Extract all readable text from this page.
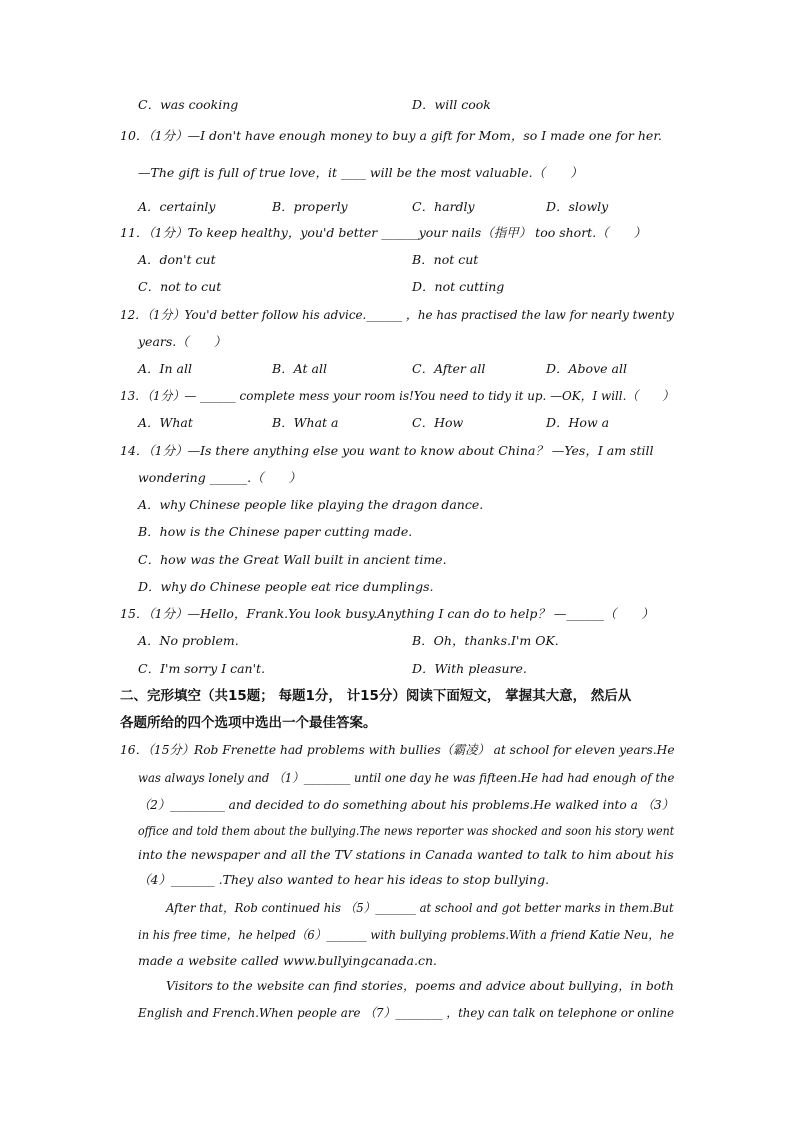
C．was cooking	D．will cook
10．（1分）—I don't have enough money to buy a gift for Mom，so I made one for her.
—The gift is full of true love，it ____ will be the most valuable.（　　）
A．certainly	B．properly	C．hardly	D．slowly
11．（1分）To keep healthy，you'd better ______your nails（指甲） too short.（　　）
A．don't cut	B．not cut
C．not to cut	D．not cutting
12．（1分）You'd better follow his advice.______ ，he has practised the law for nearly twenty
years.（　　）
A．In all	B．At all	C．After all	D．Above all
13．（1分）— ______ complete mess your room is!You need to tidy it up. —OK，I will.（　　）
A．What	B．What a	C．How	D．How a
14．（1分）—Is there anything else you want to know about China？ —Yes，I am still
wondering ______.（　　）
A．why Chinese people like playing the dragon dance.
B．how is the Chinese paper cutting made.
C．how was the Great Wall built in ancient time.
D．why do Chinese people eat rice dumplings.
15．（1分）—Hello，Frank.You look busy.Anything I can do to help？ —______（　　）
A．No problem.	B．Oh，thanks.I'm OK.
C．I'm sorry I can't.	D．With pleasure.
二、完形填空（共15题； 每题1分， 计15分）阅读下面短文， 掌握其大意， 然后从
各题所给的四个选项中选出一个最佳答案。
16．（15分）Rob Frenette had problems with bullies（霸凌） at school for eleven years.He
was always lonely and （1）________ until one day he was fifteen.He had had enough of the
（2）_________ and decided to do something about his problems.He walked into a （3）
office and told them about the bullying.The news reporter was shocked and soon his story went
into the newspaper and all the TV stations in Canada wanted to talk to him about his
（4）_______ .They also wanted to hear his ideas to stop bullying.
After that，Rob continued his （5）_______ at school and got better marks in them.But
in his free time，he helped（6）_______ with bullying problems.With a friend Katie Neu，he
made a website called www.bullyingcanada.cn.
Visitors to the website can find stories，poems and advice about bullying，in both
English and French.When people are （7）________ ，they can talk on telephone or online
